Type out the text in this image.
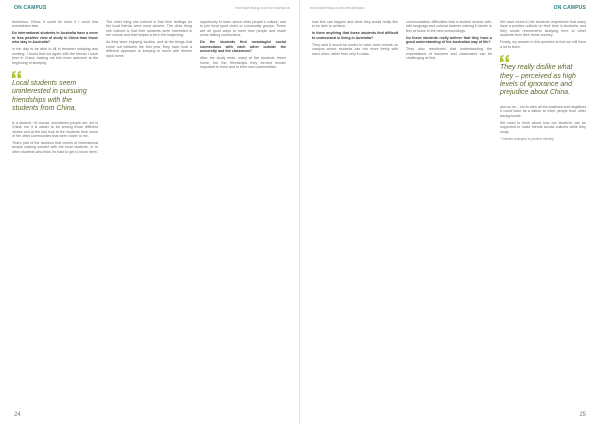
ON CAMPUS	monashmag.com/oncampus

behaviour. China, it could be more if I could find somewhere else.

Do international students in Australia have a more or less positive view of study in China than those who stay in Australia?

in her day to be able to fill in between studying and working. I found that out again with the friends I have here in China, making me feel more welcome at the beginning of studying.

Local students seem uninterested in pursuing friendships with the students from China.

is a student. Of course, sometimes people are not in China, but it is easier to be among those different stories and at the last look at the students from some of the other communities that were closer to me.

That's part of the decision that comes of international people making contact with the local students, or to other students who think it's hard to get to know them.

The other thing she noticed is that their feelings for the local friends were more sincere. The other thing she noticed is that their students were interested in her culture and that helped a lot in the beginning.

As they were enjoying studies, and at the things that come out between the first year, they each took a different approach to keeping in touch with friends back home.

opportunity to learn about other people's culture, and to join local sport clubs or community groups. These are all good ways to meet new people and make some lasting connections.

Do the students find meaningful social connections with each other outside the university and the classroom?

After the study ends, many of the students return home, but the friendships they formed remain important to them and to their new communities.

24
monashmag.com/oncampus	ON CAMPUS

how this can happen and what they would really like to be able to achieve.

Is there anything that these students find difficult to understand in living in Australia?

They said it would be useful to have more events on campus where students can mix more freely with each other, rather than only in class.

communication difficulties that a student arrives with, with language and cultural barriers making it harder to feel at home in the new surroundings.

Do these students really believe that they have a good understanding of the Australian way of life?

They also mentioned that understanding the expectations of teachers and classmates can be challenging at first.

We have found in the students' experience that many have a positive outlook on their time in Australia, and they would recommend studying here to other students from their home country.

Finally, my answer to this question is that we still have a lot to learn.

They really dislike what they – perceived as high levels of ignorance and prejudice about China.

and so on – not to view all the positives and negatives it could have as a failure to meet people from other backgrounds.

We need to think about how our students can be supported to make friends across cultures while they study.

* Names changed to protect identity.

25
